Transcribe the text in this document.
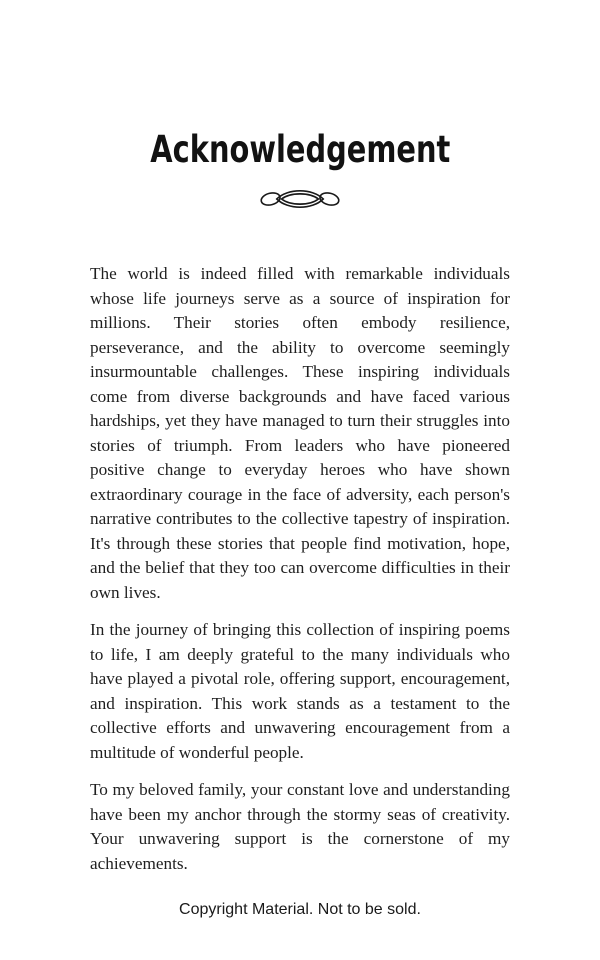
Acknowledgement

The world is indeed filled with remarkable individuals whose life journeys serve as a source of inspiration for millions. Their stories often embody resilience, perseverance, and the ability to overcome seemingly insurmountable challenges. These inspiring individuals come from diverse backgrounds and have faced various hardships, yet they have managed to turn their struggles into stories of triumph. From leaders who have pioneered positive change to everyday heroes who have shown extraordinary courage in the face of adversity, each person's narrative contributes to the collective tapestry of inspiration. It's through these stories that people find motivation, hope, and the belief that they too can overcome difficulties in their own lives.

In the journey of bringing this collection of inspiring poems to life, I am deeply grateful to the many individuals who have played a pivotal role, offering support, encouragement, and inspiration. This work stands as a testament to the collective efforts and unwavering encouragement from a multitude of wonderful people.

To my beloved family, your constant love and understanding have been my anchor through the stormy seas of creativity. Your unwavering support is the cornerstone of my achievements.

Copyright Material. Not to be sold.
